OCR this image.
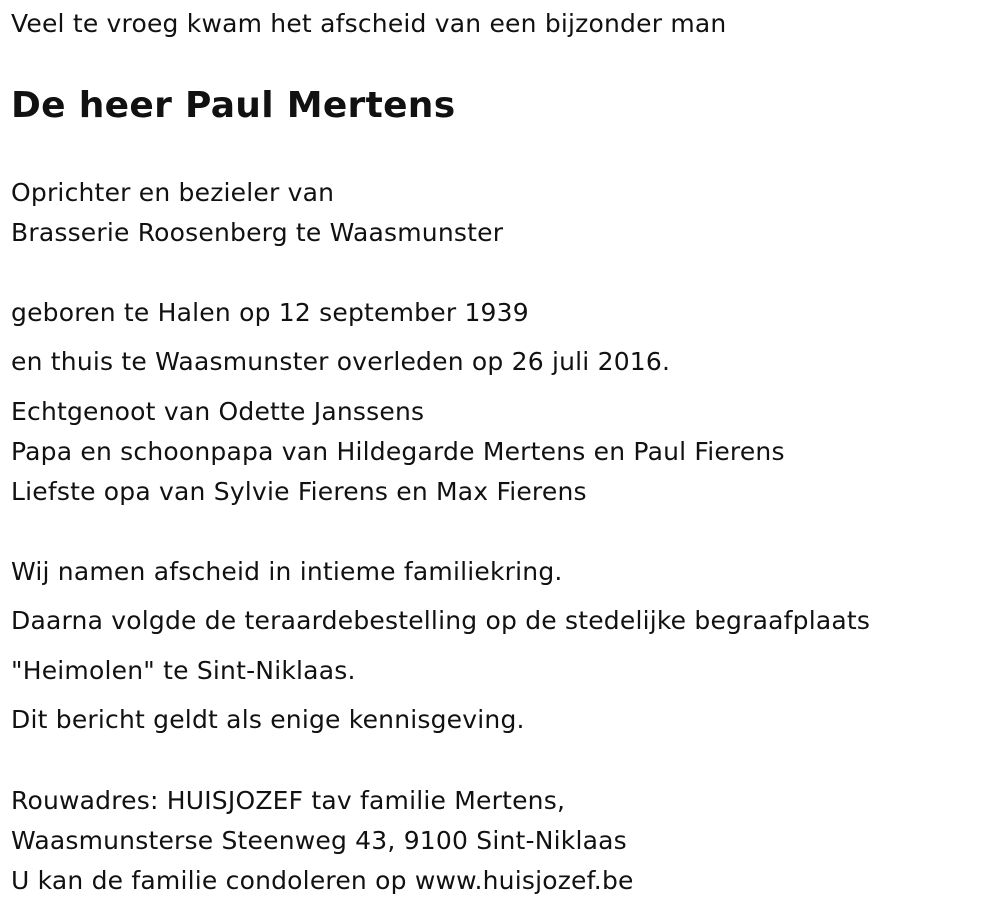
Veel te vroeg kwam het afscheid van een bijzonder man
De heer Paul Mertens
Oprichter en bezieler van
Brasserie Roosenberg te Waasmunster
geboren te Halen op 12 september 1939
en thuis te Waasmunster overleden op 26 juli 2016.
Echtgenoot van Odette Janssens
Papa en schoonpapa van Hildegarde Mertens en Paul Fierens
Liefste opa van Sylvie Fierens en Max Fierens
Wij namen afscheid in intieme familiekring.
Daarna volgde de teraardebestelling op de stedelijke begraafplaats
"Heimolen" te Sint-Niklaas.
Dit bericht geldt als enige kennisgeving.
Rouwadres: HUISJOZEF tav familie Mertens,
Waasmunsterse Steenweg 43, 9100 Sint-Niklaas
U kan de familie condoleren op www.huisjozef.be
